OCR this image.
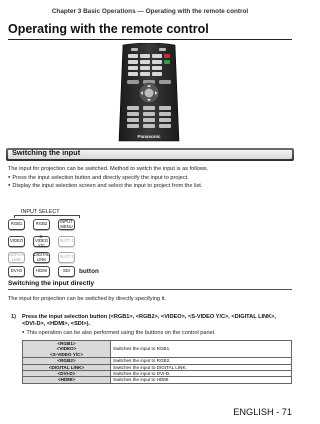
Chapter 3 Basic Operations — Operating with the remote control
Operating with the remote control
Panasonic
Switching the input
The input for projection can be switched. Method to switch the input is as follows.
● Press the input selection button and directly specify the input to project.
● Display the input selection screen and select the input to project from the list.
INPUT SELECT
RGB1	RGB2	INPUT MENU
VIDEO
S-VIDEO Y/C
SLOT 1
DISPLAY LINK
DIGITAL LINK	SLOT 2
DVI-D	HDMI	SDI	button
Switching the input directly
The input for projection can be switched by directly specifying it.
1) Press the input selection button (<RGB1>, <RGB2>, <VIDEO>, <S-VIDEO Y/C>, <DIGITAL LINK>, <DVI-D>, <HDMI>, <SDI>).
● This operation can be also performed using the buttons on the control panel.
<RGB1>
<VIDEO>
<S-VIDEO Y/C>	Switches the input to RGB1.
<RGB2>	Switches the input to RGB2.
<DIGITAL LINK>	Switches the input to DIGITAL LINK.
<DVI-D>	Switches the input to DVI-D.
<HDMI>	Switches the input to HDMI.
ENGLISH - 71
